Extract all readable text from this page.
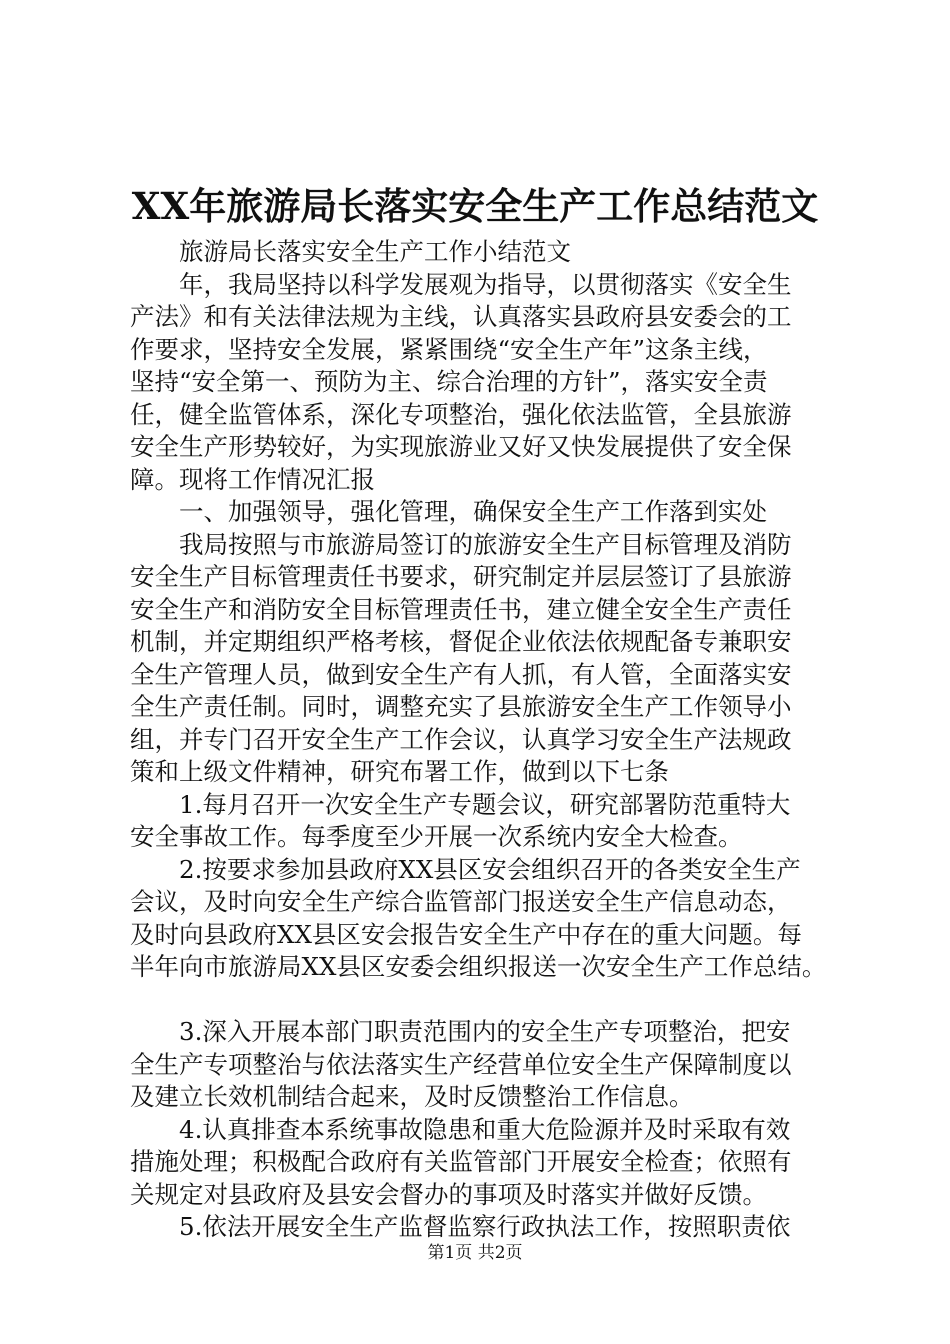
XX年旅游局长落实安全生产工作总结范文
　　旅游局长落实安全生产工作小结范文
　　年，我局坚持以科学发展观为指导，以贯彻落实《安全生
产法》和有关法律法规为主线，认真落实县政府县安委会的工
作要求，坚持安全发展，紧紧围绕“安全生产年”这条主线，
坚持“安全第一、预防为主、综合治理的方针”，落实安全责
任，健全监管体系，深化专项整治，强化依法监管，全县旅游
安全生产形势较好，为实现旅游业又好又快发展提供了安全保
障。现将工作情况汇报
　　一、加强领导，强化管理，确保安全生产工作落到实处
　　我局按照与市旅游局签订的旅游安全生产目标管理及消防
安全生产目标管理责任书要求，研究制定并层层签订了县旅游
安全生产和消防安全目标管理责任书，建立健全安全生产责任
机制，并定期组织严格考核，督促企业依法依规配备专兼职安
全生产管理人员，做到安全生产有人抓，有人管，全面落实安
全生产责任制。同时，调整充实了县旅游安全生产工作领导小
组，并专门召开安全生产工作会议，认真学习安全生产法规政
策和上级文件精神，研究布署工作，做到以下七条
　　1.每月召开一次安全生产专题会议，研究部署防范重特大
安全事故工作。每季度至少开展一次系统内安全大检查。
　　2.按要求参加县政府XX县区安会组织召开的各类安全生产
会议，及时向安全生产综合监管部门报送安全生产信息动态，
及时向县政府XX县区安会报告安全生产中存在的重大问题。每
半年向市旅游局XX县区安委会组织报送一次安全生产工作总结。
　　3.深入开展本部门职责范围内的安全生产专项整治，把安
全生产专项整治与依法落实生产经营单位安全生产保障制度以
及建立长效机制结合起来，及时反馈整治工作信息。
　　4.认真排查本系统事故隐患和重大危险源并及时采取有效
措施处理；积极配合政府有关监管部门开展安全检查；依照有
关规定对县政府及县安会督办的事项及时落实并做好反馈。
　　5.依法开展安全生产监督监察行政执法工作，按照职责依
第1页 共2页
